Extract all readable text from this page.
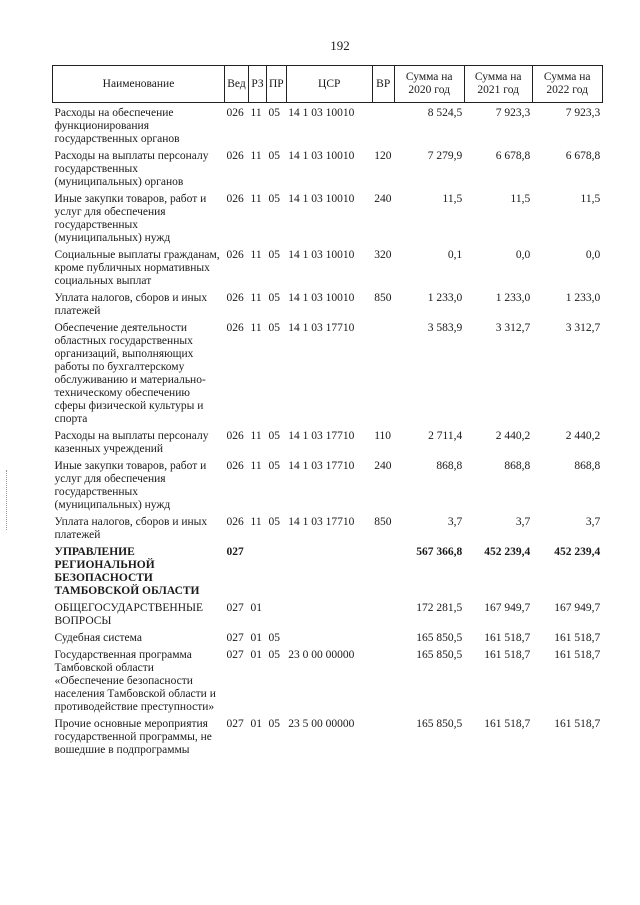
192
Наименование	Вед	РЗ	ПР	ЦСР	ВР	Сумма на 2020 год	Сумма на 2021 год	Сумма на 2022 год
Расходы на обеспечение функционирования государственных органов	026	11	05	14 1 03 10010		8 524,5	7 923,3	7 923,3
Расходы на выплаты персоналу государственных (муниципальных) органов	026	11	05	14 1 03 10010	120	7 279,9	6 678,8	6 678,8
Иные закупки товаров, работ и услуг для обеспечения государственных (муниципальных) нужд	026	11	05	14 1 03 10010	240	11,5	11,5	11,5
Социальные выплаты гражданам, кроме публичных нормативных социальных выплат	026	11	05	14 1 03 10010	320	0,1	0,0	0,0
Уплата налогов, сборов и иных платежей	026	11	05	14 1 03 10010	850	1 233,0	1 233,0	1 233,0
Обеспечение деятельности областных государственных организаций, выполняющих работы по бухгалтерскому обслуживанию и материально-техническому обеспечению сферы физической культуры и спорта	026	11	05	14 1 03 17710		3 583,9	3 312,7	3 312,7
Расходы на выплаты персоналу казенных учреждений	026	11	05	14 1 03 17710	110	2 711,4	2 440,2	2 440,2
Иные закупки товаров, работ и услуг для обеспечения государственных (муниципальных) нужд	026	11	05	14 1 03 17710	240	868,8	868,8	868,8
Уплата налогов, сборов и иных платежей	026	11	05	14 1 03 17710	850	3,7	3,7	3,7
УПРАВЛЕНИЕ РЕГИОНАЛЬНОЙ БЕЗОПАСНОСТИ ТАМБОВСКОЙ ОБЛАСТИ	027					567 366,8	452 239,4	452 239,4
ОБЩЕГОСУДАРСТВЕННЫЕ ВОПРОСЫ	027	01				172 281,5	167 949,7	167 949,7
Судебная система	027	01	05			165 850,5	161 518,7	161 518,7
Государственная программа Тамбовской области «Обеспечение безопасности населения Тамбовской области и противодействие преступности»	027	01	05	23 0 00 00000		165 850,5	161 518,7	161 518,7
Прочие основные мероприятия государственной программы, не вошедшие в подпрограммы	027	01	05	23 5 00 00000		165 850,5	161 518,7	161 518,7
